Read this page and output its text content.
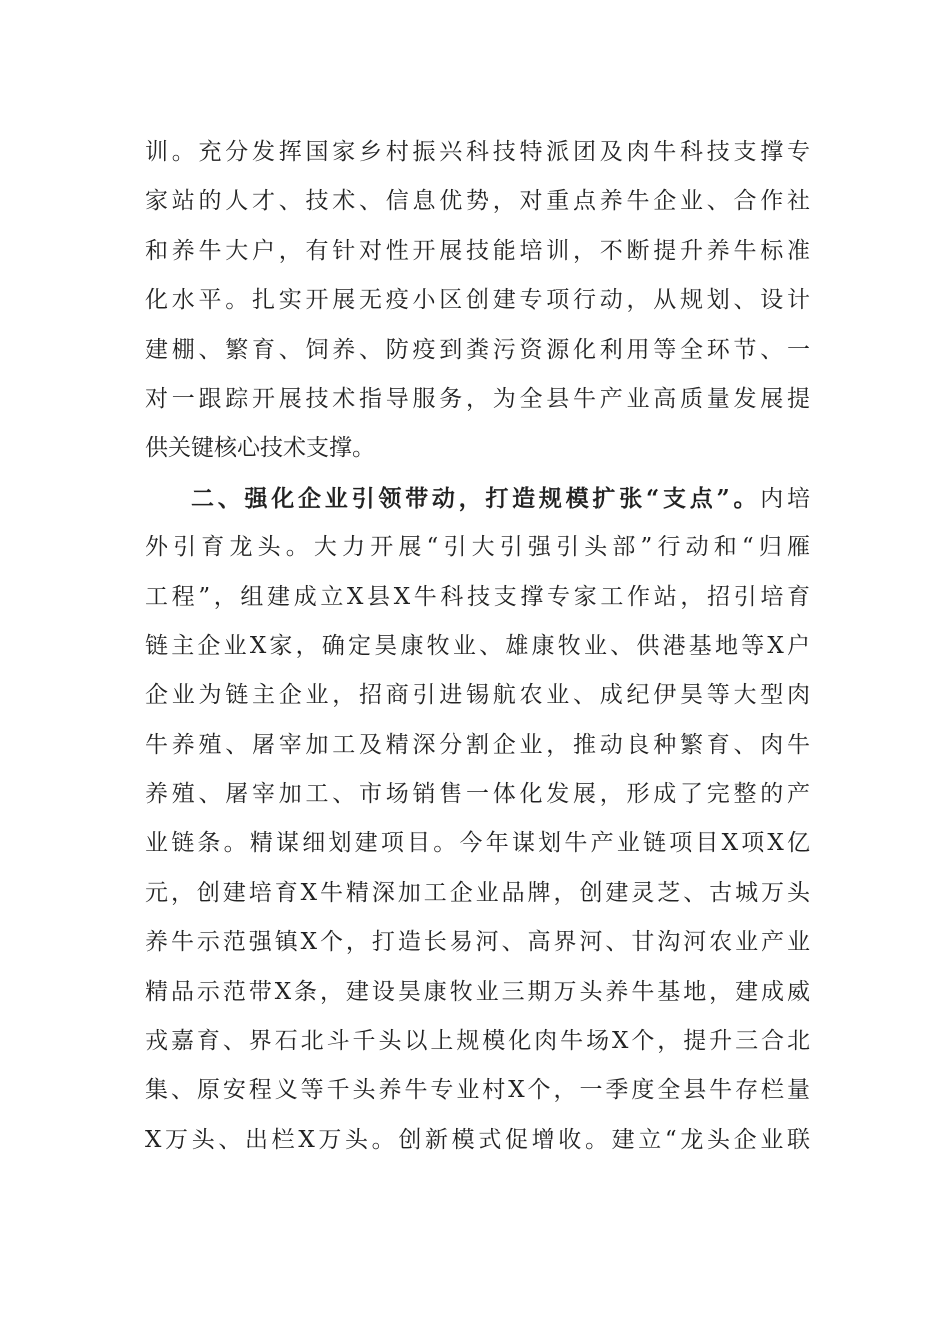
训。充分发挥国家乡村振兴科技特派团及肉牛科技支撑专
家站的人才、技术、信息优势，对重点养牛企业、合作社
和养牛大户，有针对性开展技能培训，不断提升养牛标准
化水平。扎实开展无疫小区创建专项行动，从规划、设计
建棚、繁育、饲养、防疫到粪污资源化利用等全环节、一
对一跟踪开展技术指导服务，为全县牛产业高质量发展提
供关键核心技术支撑。
二、强化企业引领带动，打造规模扩张“支点”。内培
外引育龙头。大力开展“引大引强引头部”行动和“归雁
工程”，组建成立X县X牛科技支撑专家工作站，招引培育
链主企业X家，确定昊康牧业、雄康牧业、供港基地等X户
企业为链主企业，招商引进锡航农业、成纪伊昊等大型肉
牛养殖、屠宰加工及精深分割企业，推动良种繁育、肉牛
养殖、屠宰加工、市场销售一体化发展，形成了完整的产
业链条。精谋细划建项目。今年谋划牛产业链项目X项X亿
元，创建培育X牛精深加工企业品牌，创建灵芝、古城万头
养牛示范强镇X个，打造长易河、高界河、甘沟河农业产业
精品示范带X条，建设昊康牧业三期万头养牛基地，建成威
戎嘉育、界石北斗千头以上规模化肉牛场X个，提升三合北
集、原安程义等千头养牛专业村X个，一季度全县牛存栏量
X万头、出栏X万头。创新模式促增收。建立“龙头企业联
